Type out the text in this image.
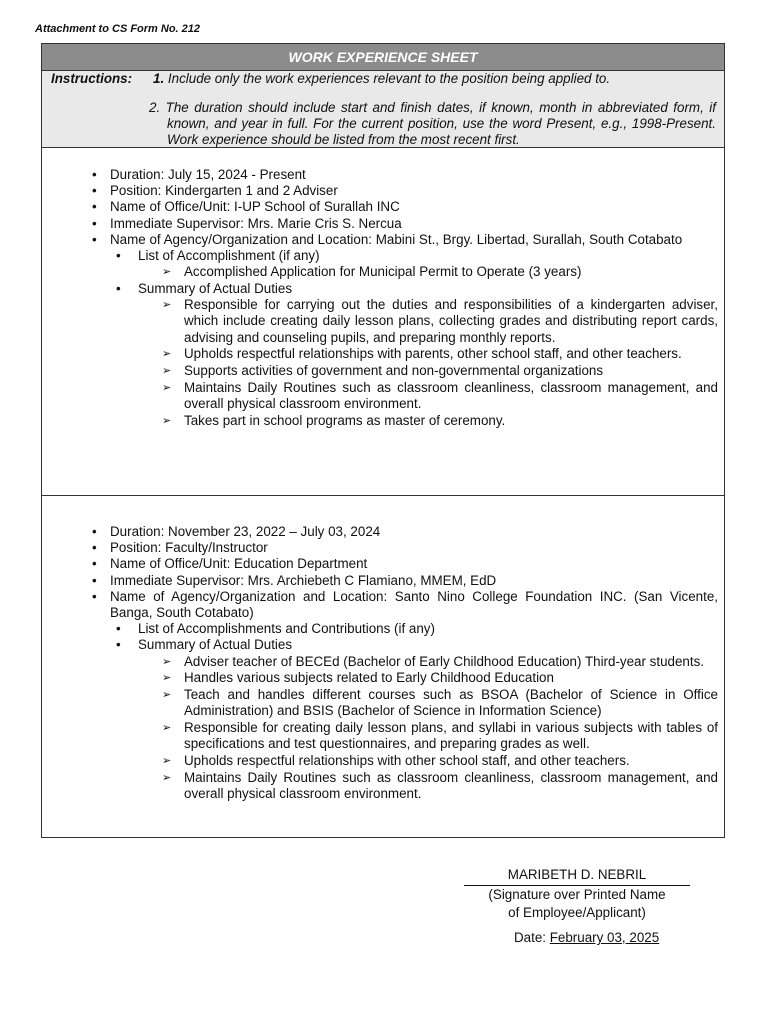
Attachment to CS Form No. 212
WORK EXPERIENCE SHEET
Instructions: 1. Include only the work experiences relevant to the position being applied to.
2. The duration should include start and finish dates, if known, month in abbreviated form, if known, and year in full. For the current position, use the word Present, e.g., 1998-Present. Work experience should be listed from the most recent first.
• Duration: July 15, 2024 - Present
• Position: Kindergarten 1 and 2 Adviser
• Name of Office/Unit: I-UP School of Surallah INC
• Immediate Supervisor: Mrs. Marie Cris S. Nercua
• Name of Agency/Organization and Location: Mabini St., Brgy. Libertad, Surallah, South Cotabato
• List of Accomplishment (if any)
➢ Accomplished Application for Municipal Permit to Operate (3 years)
• Summary of Actual Duties
➢ Responsible for carrying out the duties and responsibilities of a kindergarten adviser, which include creating daily lesson plans, collecting grades and distributing report cards, advising and counseling pupils, and preparing monthly reports.
➢ Upholds respectful relationships with parents, other school staff, and other teachers.
➢ Supports activities of government and non-governmental organizations
➢ Maintains Daily Routines such as classroom cleanliness, classroom management, and overall physical classroom environment.
➢ Takes part in school programs as master of ceremony.
• Duration: November 23, 2022 – July 03, 2024
• Position: Faculty/Instructor
• Name of Office/Unit: Education Department
• Immediate Supervisor: Mrs. Archiebeth C Flamiano, MMEM, EdD
• Name of Agency/Organization and Location: Santo Nino College Foundation INC. (San Vicente, Banga, South Cotabato)
• List of Accomplishments and Contributions (if any)
• Summary of Actual Duties
➢ Adviser teacher of BECEd (Bachelor of Early Childhood Education) Third-year students.
➢ Handles various subjects related to Early Childhood Education
➢ Teach and handles different courses such as BSOA (Bachelor of Science in Office Administration) and BSIS (Bachelor of Science in Information Science)
➢ Responsible for creating daily lesson plans, and syllabi in various subjects with tables of specifications and test questionnaires, and preparing grades as well.
➢ Upholds respectful relationships with other school staff, and other teachers.
➢ Maintains Daily Routines such as classroom cleanliness, classroom management, and overall physical classroom environment.
MARIBETH D. NEBRIL
(Signature over Printed Name
of Employee/Applicant)
Date: February 03, 2025
